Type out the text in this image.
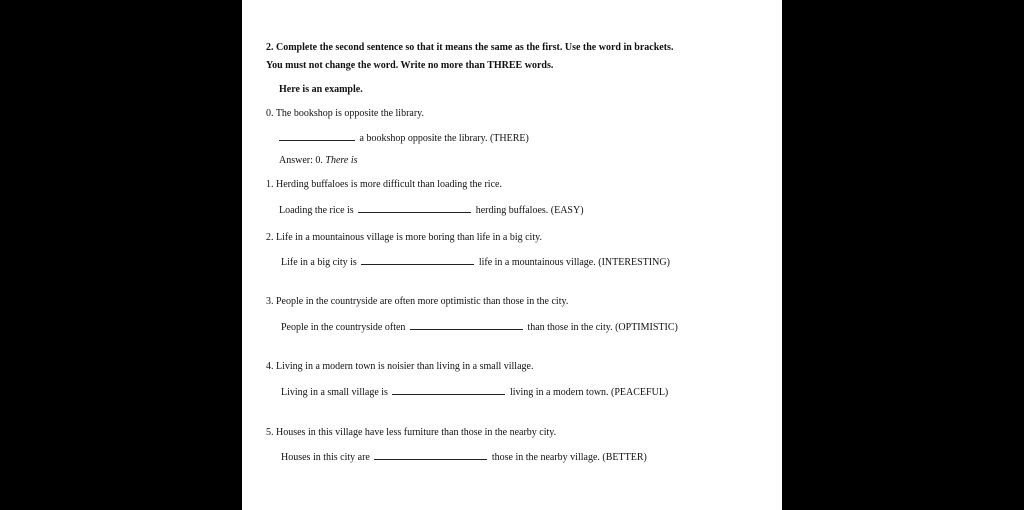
2. Complete the second sentence so that it means the same as the first. Use the word in brackets.
You must not change the word. Write no more than THREE words.
Here is an example.
0. The bookshop is opposite the library.
a bookshop opposite the library. (THERE)
Answer: 0. There is
1. Herding buffaloes is more difficult than loading the rice.
Loading the rice is	herding buffaloes. (EASY)
2. Life in a mountainous village is more boring than life in a big city.
Life in a big city is	life in a mountainous village. (INTERESTING)
3. People in the countryside are often more optimistic than those in the city.
People in the countryside often	than those in the city. (OPTIMISTIC)
4. Living in a modern town is noisier than living in a small village.
Living in a small village is	living in a modern town. (PEACEFUL)
5. Houses in this village have less furniture than those in the nearby city.
Houses in this city are	those in the nearby village. (BETTER)
